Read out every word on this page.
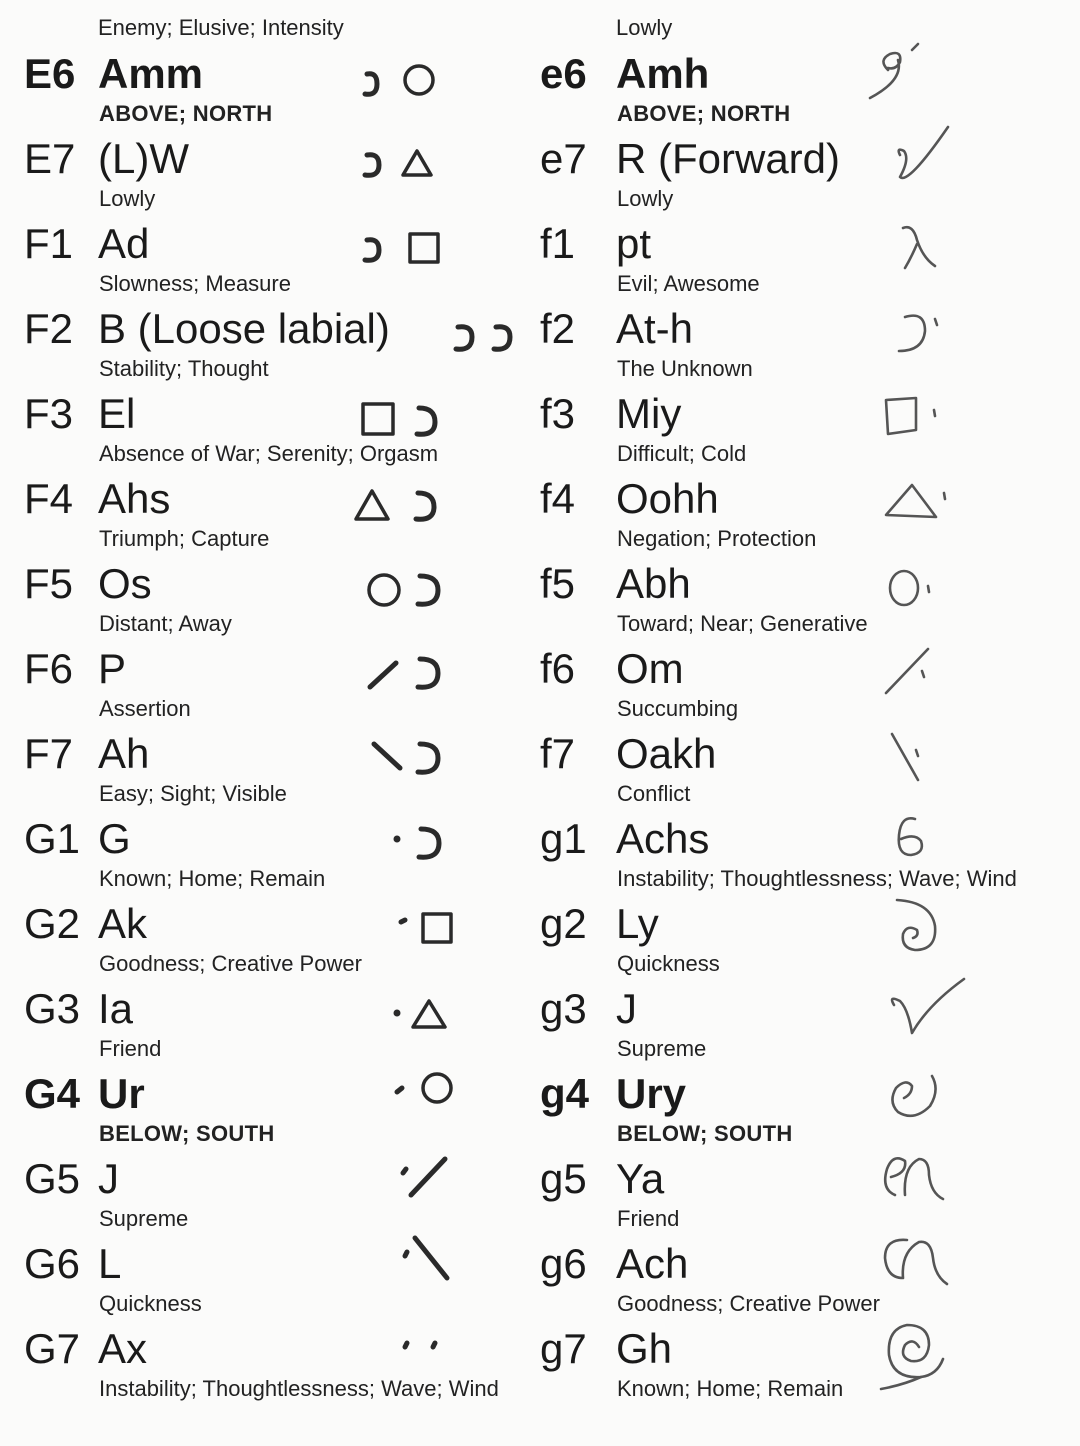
Enemy; Elusive; Intensity
E6 Amm
ABOVE; NORTH
E7 (L)W
Lowly
F1 Ad
Slowness; Measure
F2 B (Loose labial)
Stability; Thought
F3 El
Absence of War; Serenity; Orgasm
F4 Ahs
Triumph; Capture
F5 Os
Distant; Away
F6 P
Assertion
F7 Ah
Easy; Sight; Visible
G1 G
Known; Home; Remain
G2 Ak
Goodness; Creative Power
G3 Ia
Friend
G4 Ur
BELOW; SOUTH
G5 J
Supreme
G6 L
Quickness
G7 Ax
Instability; Thoughtlessness; Wave; Wind
Lowly
e6 Amh
ABOVE; NORTH
e7 R (Forward)
Lowly
f1 pt
Evil; Awesome
f2 At-h
The Unknown
f3 Miy
Difficult; Cold
f4 Oohh
Negation; Protection
f5 Abh
Toward; Near; Generative
f6 Om
Succumbing
f7 Oakh
Conflict
g1 Achs
Instability; Thoughtlessness; Wave; Wind
g2 Ly
Quickness
g3 J
Supreme
g4 Ury
BELOW; SOUTH
g5 Ya
Friend
g6 Ach
Goodness; Creative Power
g7 Gh
Known; Home; Remain
